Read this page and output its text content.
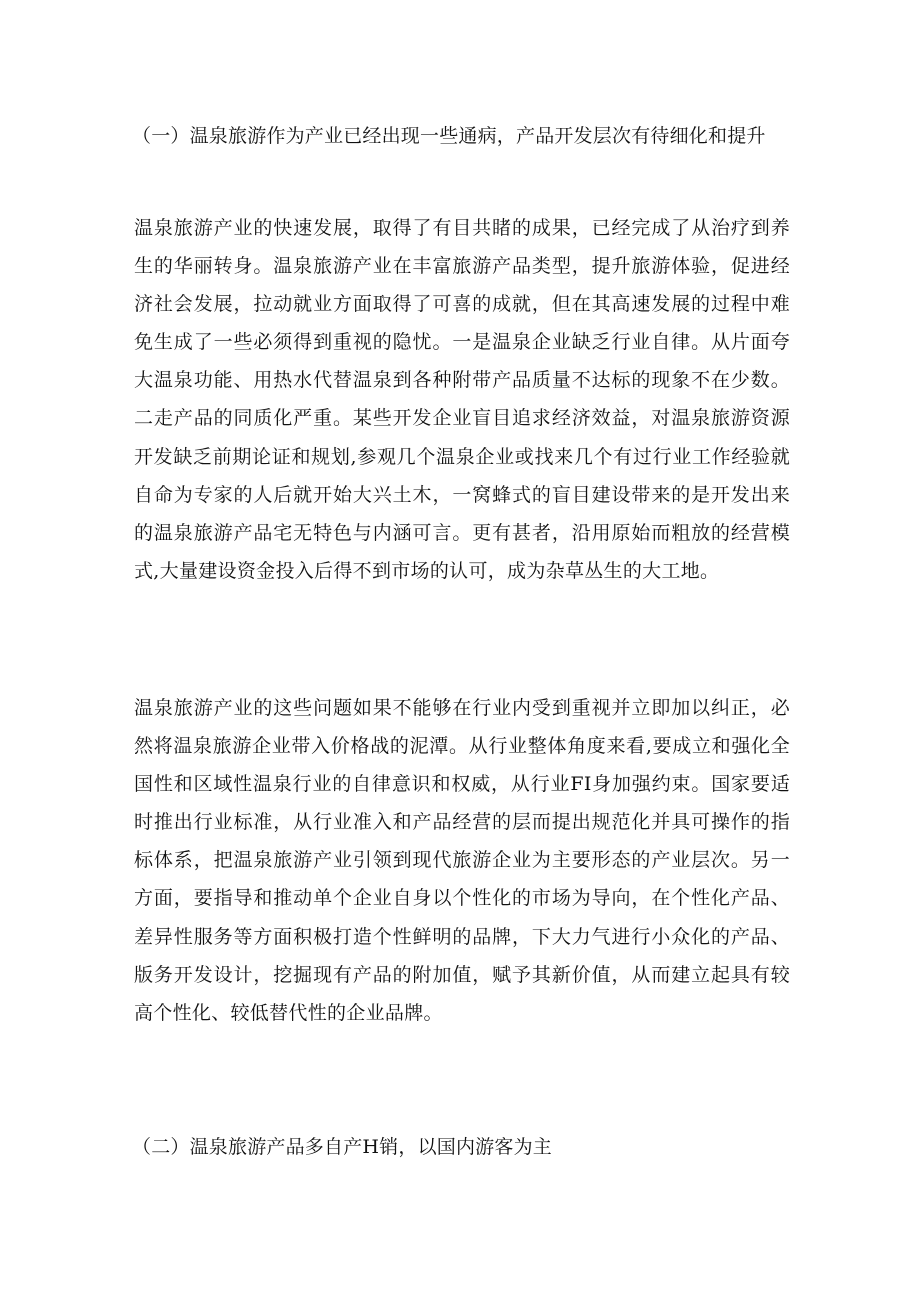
（一）温泉旅游作为产业已经出现一些通病，产品开发层次有待细化和提升

温泉旅游产业的快速发展，取得了有目共睹的成果，已经完成了从治疗到养生的华丽转身。温泉旅游产业在丰富旅游产品类型，提升旅游体验，促进经济社会发展，拉动就业方面取得了可喜的成就，但在其高速发展的过程中难免生成了一些必须得到重视的隐忧。一是温泉企业缺乏行业自律。从片面夸大温泉功能、用热水代替温泉到各种附带产品质量不达标的现象不在少数。二走产品的同质化严重。某些开发企业盲目追求经济效益，对温泉旅游资源开发缺乏前期论证和规划,参观几个温泉企业或找来几个有过行业工作经验就自命为专家的人后就开始大兴土木，一窝蜂式的盲目建设带来的是开发出来的温泉旅游产品宅无特色与内涵可言。更有甚者，沿用原始而粗放的经营模式,大量建设资金投入后得不到市场的认可，成为杂草丛生的大工地。

温泉旅游产业的这些问题如果不能够在行业内受到重视并立即加以纠正，必然将温泉旅游企业带入价格战的泥潭。从行业整体角度来看,要成立和强化全国性和区域性温泉行业的自律意识和权威，从行业FI身加强约束。国家要适时推出行业标准，从行业准入和产品经营的层而提出规范化并具可操作的指标体系，把温泉旅游产业引领到现代旅游企业为主要形态的产业层次。另一方面，要指导和推动单个企业自身以个性化的市场为导向，在个性化产品、差异性服务等方面积极打造个性鲜明的品牌，下大力气进行小众化的产品、版务开发设计，挖掘现有产品的附加值，赋予其新价值，从而建立起具有较高个性化、较低替代性的企业品牌。

（二）温泉旅游产品多自产H销，以国内游客为主
